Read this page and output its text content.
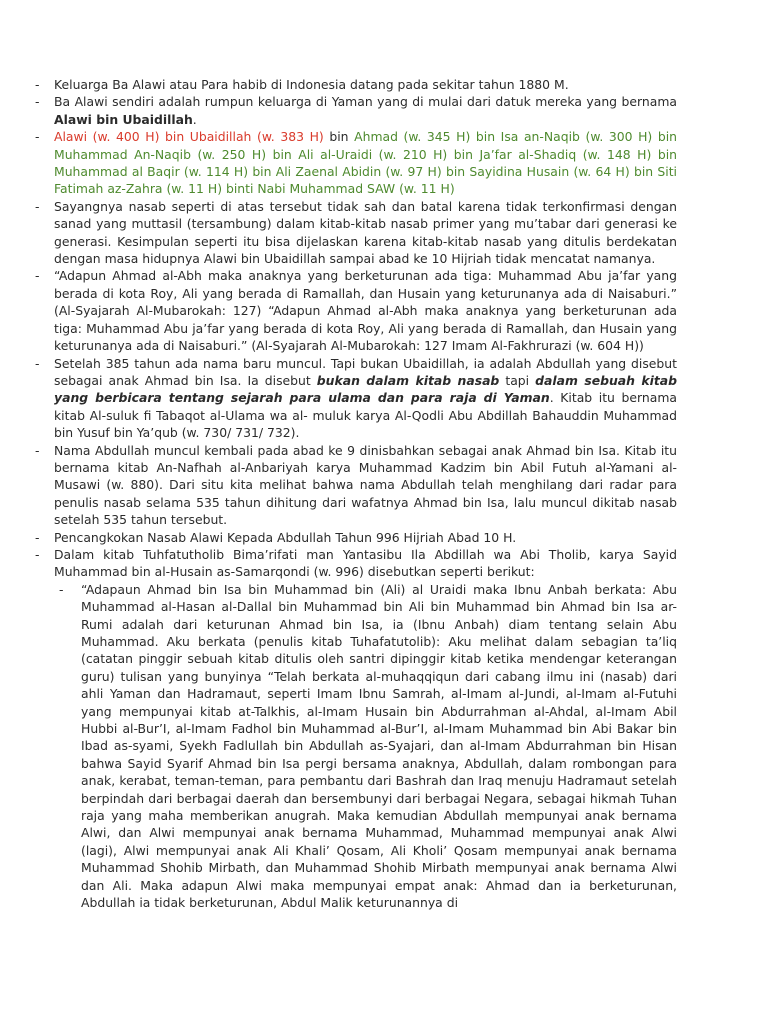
- Keluarga Ba Alawi atau Para habib di Indonesia datang pada sekitar tahun 1880 M.
- Ba Alawi sendiri adalah rumpun keluarga di Yaman yang di mulai dari datuk mereka yang bernama Alawi bin Ubaidillah.
- Alawi (w. 400 H) bin Ubaidillah (w. 383 H) bin Ahmad (w. 345 H) bin Isa an-Naqib (w. 300 H) bin Muhammad An-Naqib (w. 250 H) bin Ali al-Uraidi (w. 210 H) bin Ja’far al-Shadiq (w. 148 H) bin Muhammad al Baqir (w. 114 H) bin Ali Zaenal Abidin (w. 97 H) bin Sayidina Husain (w. 64 H) bin Siti Fatimah az-Zahra (w. 11 H) binti Nabi Muhammad SAW (w. 11 H)
- Sayangnya nasab seperti di atas tersebut tidak sah dan batal karena tidak terkonfirmasi dengan sanad yang muttasil (tersambung) dalam kitab-kitab nasab primer yang mu’tabar dari generasi ke generasi. Kesimpulan seperti itu bisa dijelaskan karena kitab-kitab nasab yang ditulis berdekatan dengan masa hidupnya Alawi bin Ubaidillah sampai abad ke 10 Hijriah tidak mencatat namanya.
- “Adapun Ahmad al-Abh maka anaknya yang berketurunan ada tiga: Muhammad Abu ja’far yang berada di kota Roy, Ali yang berada di Ramallah, dan Husain yang keturunanya ada di Naisaburi.” (Al-Syajarah Al-Mubarokah: 127) “Adapun Ahmad al-Abh maka anaknya yang berketurunan ada tiga: Muhammad Abu ja’far yang berada di kota Roy, Ali yang berada di Ramallah, dan Husain yang keturunanya ada di Naisaburi.” (Al-Syajarah Al-Mubarokah: 127 Imam Al-Fakhrurazi (w. 604 H))
- Setelah 385 tahun ada nama baru muncul. Tapi bukan Ubaidillah, ia adalah Abdullah yang disebut sebagai anak Ahmad bin Isa. Ia disebut bukan dalam kitab nasab tapi dalam sebuah kitab yang berbicara tentang sejarah para ulama dan para raja di Yaman. Kitab itu bernama kitab Al-suluk fi Tabaqot al-Ulama wa al- muluk karya Al-Qodli Abu Abdillah Bahauddin Muhammad bin Yusuf bin Ya’qub (w. 730/ 731/ 732).
- Nama Abdullah muncul kembali pada abad ke 9 dinisbahkan sebagai anak Ahmad bin Isa. Kitab itu bernama kitab An-Nafhah al-Anbariyah karya Muhammad Kadzim bin Abil Futuh al-Yamani al-Musawi (w. 880). Dari situ kita melihat bahwa nama Abdullah telah menghilang dari radar para penulis nasab selama 535 tahun dihitung dari wafatnya Ahmad bin Isa, lalu muncul dikitab nasab setelah 535 tahun tersebut.
- Pencangkokan Nasab Alawi Kepada Abdullah Tahun 996 Hijriah Abad 10 H.
- Dalam kitab Tuhfatutholib Bima’rifati man Yantasibu Ila Abdillah wa Abi Tholib, karya Sayid Muhammad bin al-Husain as-Samarqondi (w. 996) disebutkan seperti berikut:
- “Adapaun Ahmad bin Isa bin Muhammad bin (Ali) al Uraidi maka Ibnu Anbah berkata: Abu Muhammad al-Hasan al-Dallal bin Muhammad bin Ali bin Muhammad bin Ahmad bin Isa ar-Rumi adalah dari keturunan Ahmad bin Isa, ia (Ibnu Anbah) diam tentang selain Abu Muhammad. Aku berkata (penulis kitab Tuhafatutolib): Aku melihat dalam sebagian ta’liq (catatan pinggir sebuah kitab ditulis oleh santri dipinggir kitab ketika mendengar keterangan guru) tulisan yang bunyinya “Telah berkata al-muhaqqiqun dari cabang ilmu ini (nasab) dari ahli Yaman dan Hadramaut, seperti Imam Ibnu Samrah, al-Imam al-Jundi, al-Imam al-Futuhi yang mempunyai kitab at-Talkhis, al-Imam Husain bin Abdurrahman al-Ahdal, al-Imam Abil Hubbi al-Bur’I, al-Imam Fadhol bin Muhammad al-Bur’I, al-Imam Muhammad bin Abi Bakar bin Ibad as-syami, Syekh Fadlullah bin Abdullah as-Syajari, dan al-Imam Abdurrahman bin Hisan bahwa Sayid Syarif Ahmad bin Isa pergi bersama anaknya, Abdullah, dalam rombongan para anak, kerabat, teman-teman, para pembantu dari Bashrah dan Iraq menuju Hadramaut setelah berpindah dari berbagai daerah dan bersembunyi dari berbagai Negara, sebagai hikmah Tuhan raja yang maha memberikan anugrah. Maka kemudian Abdullah mempunyai anak bernama Alwi, dan Alwi mempunyai anak bernama Muhammad, Muhammad mempunyai anak Alwi (lagi), Alwi mempunyai anak Ali Khali’ Qosam, Ali Kholi’ Qosam mempunyai anak bernama Muhammad Shohib Mirbath, dan Muhammad Shohib Mirbath mempunyai anak bernama Alwi dan Ali. Maka adapun Alwi maka mempunyai empat anak: Ahmad dan ia berketurunan, Abdullah ia tidak berketurunan, Abdul Malik keturunannya di
